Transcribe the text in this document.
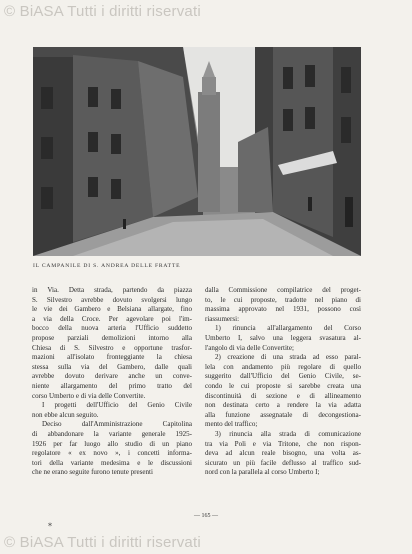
© BiASA Tutti i diritti riservati
IL CAMPANILE DI S. ANDREA DELLE FRATTE

in Via. Detta strada, partendo da piazza

S. Silvestro avrebbe dovuto svolgersi lungo

le vie dei Gambero e Belsiana allargate, fino

a via della Croce. Per agevolare poi l'im-

bocco della nuova arteria l'Ufficio suddetto

propose parziali demolizioni intorno alla

Chiesa di S. Silvestro e opportune trasfor-

mazioni all'isolato fronteggiante la chiesa

stessa sulla via del Gambero, dalle quali

avrebbe dovuto derivare anche un conve-

niente allargamento del primo tratto del

corso Umberto e di via delle Convertite.

I progetti dell'Ufficio del Genio Civile

non ebbe alcun seguito.

Deciso dall'Amministrazione Capitolina

di abbandonare la variante generale 1925-

1926 per far luogo allo studio di un piano

regolatore « ex novo », i concetti informa-

tori della variante medesima e le discussioni

che ne erano seguite furono tenute presenti

dalla Commissione compilatrice del proget-

to, le cui proposte, tradotte nel piano di

massima approvato nel 1931, possono così

riassumersi:

1) rinuncia all'allargamento del Corso

Umberto I, salvo una leggera svasatura al-

l'angolo di via delle Convertite;

2) creazione di una strada ad esso paral-

lela con andamento più regolare di quello

suggerito dall'Ufficio del Genio Civile, se-

condo le cui proposte si sarebbe creata una

discontinuità di sezione e di allineamento

non destinata certo a rendere la via adatta

alla funzione assegnatale di decongestiona-

mento del traffico;

3) rinuncia alla strada di comunicazione

tra via Poli e via Tritone, che non rispon-

deva ad alcun reale bisogno, una volta as-

sicurato un più facile deflusso al traffico sud-

nord con la parallela al corso Umberto I;

— 165 —
*
© BiASA Tutti i diritti riservati
